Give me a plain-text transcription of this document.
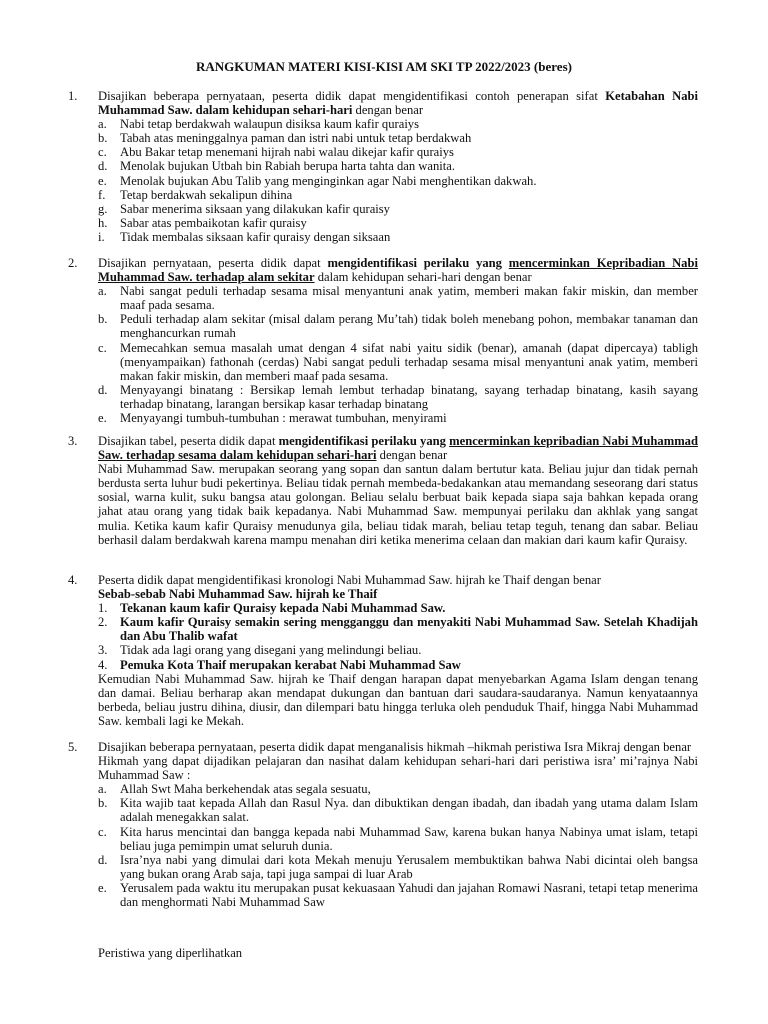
RANGKUMAN MATERI KISI-KISI AM SKI TP 2022/2023 (beres)
1. Disajikan beberapa pernyataan, peserta didik dapat mengidentifikasi contoh penerapan sifat Ketabahan Nabi Muhammad Saw. dalam kehidupan sehari-hari dengan benar
a.	Nabi tetap berdakwah walaupun disiksa kaum kafir quraiys
b. Tabah atas meninggalnya paman dan istri nabi untuk tetap berdakwah
c.	Abu Bakar tetap menemani hijrah nabi walau dikejar kafir quraiys
d. Menolak bujukan Utbah bin Rabiah berupa harta tahta dan wanita.
e.	Menolak bujukan Abu Talib yang menginginkan agar Nabi menghentikan dakwah.
f.	Tetap berdakwah sekalipun dihina
g. Sabar menerima siksaan yang dilakukan kafir quraisy
h. Sabar atas pembaikotan kafir quraisy
i.	Tidak membalas siksaan kafir quraisy dengan siksaan
2. Disajikan pernyataan, peserta didik dapat mengidentifikasi perilaku yang mencerminkan Kepribadian Nabi Muhammad Saw. terhadap alam sekitar dalam kehidupan sehari-hari dengan benar
a.	Nabi sangat peduli terhadap sesama misal menyantuni anak yatim, memberi makan fakir miskin, dan member maaf pada sesama.
b. Peduli terhadap alam sekitar (misal dalam perang Mu’tah) tidak boleh menebang pohon, membakar tanaman dan menghancurkan rumah
c.	Memecahkan semua masalah umat dengan 4 sifat nabi yaitu sidik (benar), amanah (dapat dipercaya) tabligh (menyampaikan) fathonah (cerdas) Nabi sangat peduli terhadap sesama misal menyantuni anak yatim, memberi makan fakir miskin, dan memberi maaf pada sesama.
d. Menyayangi binatang : Bersikap lemah lembut terhadap binatang, sayang terhadap binatang, kasih sayang terhadap binatang, larangan bersikap kasar terhadap binatang
e.	Menyayangi tumbuh-tumbuhan : merawat tumbuhan, menyirami
3. Disajikan tabel, peserta didik dapat mengidentifikasi perilaku yang mencerminkan kepribadian Nabi Muhammad Saw. terhadap sesama dalam kehidupan sehari-hari dengan benar
Nabi Muhammad Saw. merupakan seorang yang sopan dan santun dalam bertutur kata. Beliau jujur dan tidak pernah berdusta serta luhur budi pekertinya. Beliau tidak pernah membeda-bedakankan atau memandang seseorang dari status sosial, warna kulit, suku bangsa atau golongan. Beliau selalu berbuat baik kepada siapa saja bahkan kepada orang jahat atau orang yang tidak baik kepadanya. Nabi Muhammad Saw. mempunyai perilaku dan akhlak yang sangat mulia. Ketika kaum kafir Quraisy menudunya gila, beliau tidak marah, beliau tetap teguh, tenang dan sabar. Beliau berhasil dalam berdakwah karena mampu menahan diri ketika menerima celaan dan makian dari kaum kafir Quraisy.
4. Peserta didik dapat mengidentifikasi kronologi Nabi Muhammad Saw. hijrah ke Thaif dengan benar
Sebab-sebab Nabi Muhammad Saw. hijrah ke Thaif
1. Tekanan kaum kafir Quraisy kepada Nabi Muhammad Saw.
2. Kaum kafir Quraisy semakin sering mengganggu dan menyakiti Nabi Muhammad Saw. Setelah Khadijah dan Abu Thalib wafat
3. Tidak ada lagi orang yang disegani yang melindungi beliau.
4. Pemuka Kota Thaif merupakan kerabat Nabi Muhammad Saw
Kemudian Nabi Muhammad Saw. hijrah ke Thaif dengan harapan dapat menyebarkan Agama Islam dengan tenang dan damai. Beliau berharap akan mendapat dukungan dan bantuan dari saudara-saudaranya. Namun kenyataannya berbeda, beliau justru dihina, diusir, dan dilempari batu hingga terluka oleh penduduk Thaif, hingga Nabi Muhammad Saw. kembali lagi ke Mekah.
5. Disajikan beberapa pernyataan, peserta didik dapat menganalisis hikmah –hikmah peristiwa Isra Mikraj dengan benar
Hikmah yang dapat dijadikan pelajaran dan nasihat dalam kehidupan sehari-hari dari peristiwa isra’ mi’rajnya Nabi Muhammad Saw :
a.	Allah Swt Maha berkehendak atas segala sesuatu,
b. Kita wajib taat kepada Allah dan Rasul Nya. dan dibuktikan dengan ibadah, dan ibadah yang utama dalam Islam adalah menegakkan salat.
c.	Kita harus mencintai dan bangga kepada nabi Muhammad Saw, karena bukan hanya Nabinya umat islam, tetapi beliau juga pemimpin umat seluruh dunia.
d. Isra’nya nabi yang dimulai dari kota Mekah menuju Yerusalem membuktikan bahwa Nabi dicintai oleh bangsa yang bukan orang Arab saja, tapi juga sampai di luar Arab
e.	Yerusalem pada waktu itu merupakan pusat kekuasaan Yahudi dan jajahan Romawi Nasrani, tetapi tetap menerima dan menghormati Nabi Muhammad Saw
Peristiwa yang diperlihatkan
